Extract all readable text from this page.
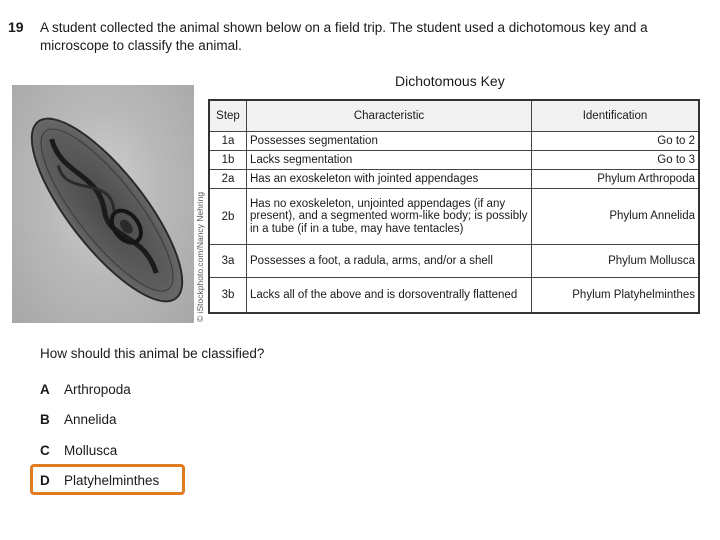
19 A student collected the animal shown below on a field trip. The student used a dichotomous key and a microscope to classify the animal.
© iStockphoto.com/Nancy Nehring
Dichotomous Key
Step	Characteristic	Identification
1a	Possesses segmentation	Go to 2
1b	Lacks segmentation	Go to 3
2a	Has an exoskeleton with jointed appendages	Phylum Arthropoda
2b	Has no exoskeleton, unjointed appendages (if any present), and a segmented worm-like body; is possibly in a tube (if in a tube, may have tentacles)	Phylum Annelida
3a	Possesses a foot, a radula, arms, and/or a shell	Phylum Mollusca
3b	Lacks all of the above and is dorsoventrally flattened	Phylum Platyhelminthes
How should this animal be classified?
A Arthropoda
B Annelida
C Mollusca
D Platyhelminthes
